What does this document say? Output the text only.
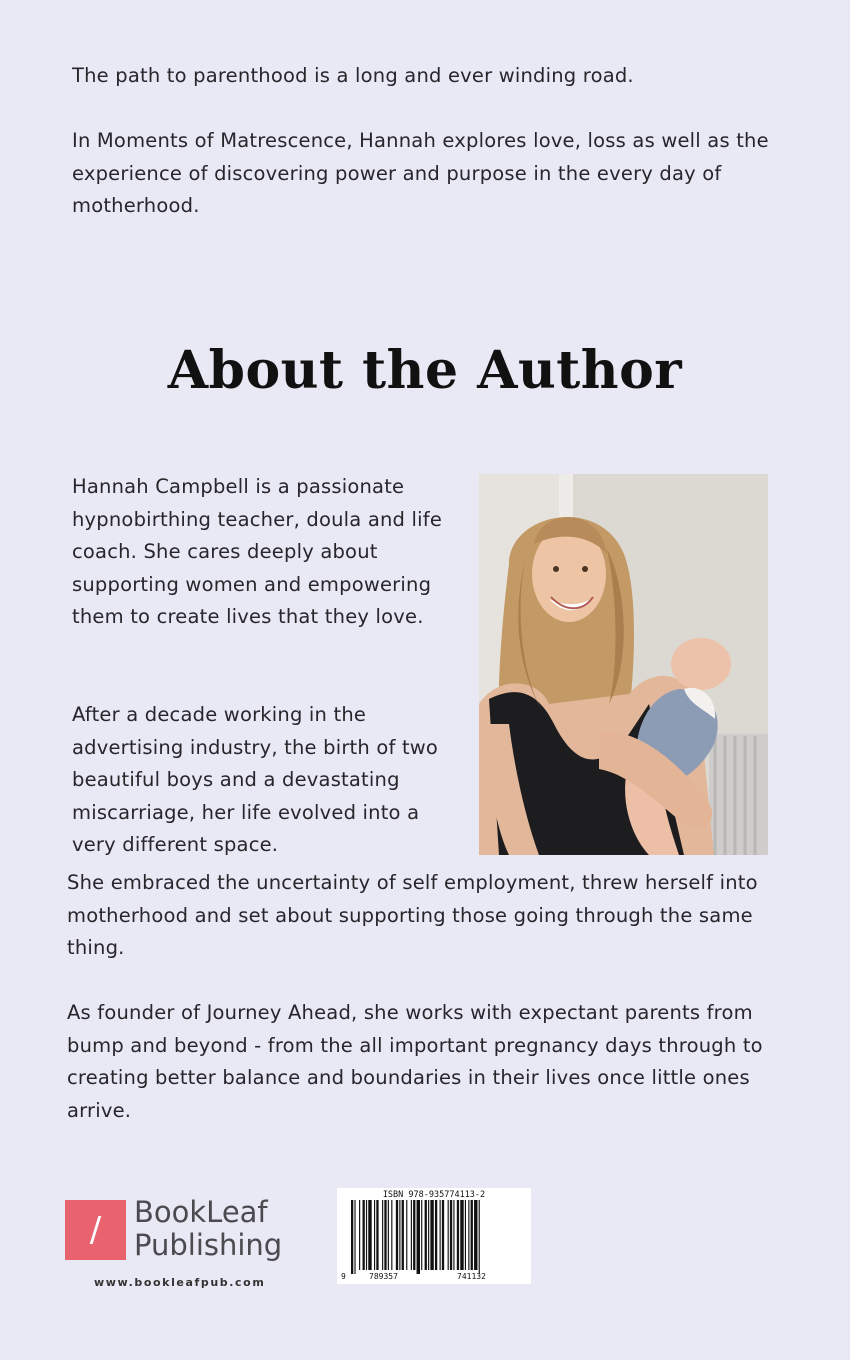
The path to parenthood is a long and ever winding road.

In Moments of Matrescence, Hannah explores love, loss as well as the experience of discovering power and purpose in the every day of motherhood.

About the Author

Hannah Campbell is a passionate hypnobirthing teacher, doula and life coach. She cares deeply about supporting women and empowering them to create lives that they love.

After a decade working in the advertising industry, the birth of two beautiful boys and a devastating miscarriage, her life evolved into a very different space.

She embraced the uncertainty of self employment, threw herself into motherhood and set about supporting those going through the same thing.

As founder of Journey Ahead, she works with expectant parents from bump and beyond - from the all important pregnancy days through to creating better balance and boundaries in their lives once little ones arrive.

/	BookLeaf
Publishing
www.bookleafpub.com
ISBN 978-935774113-2
9	789357	741132
